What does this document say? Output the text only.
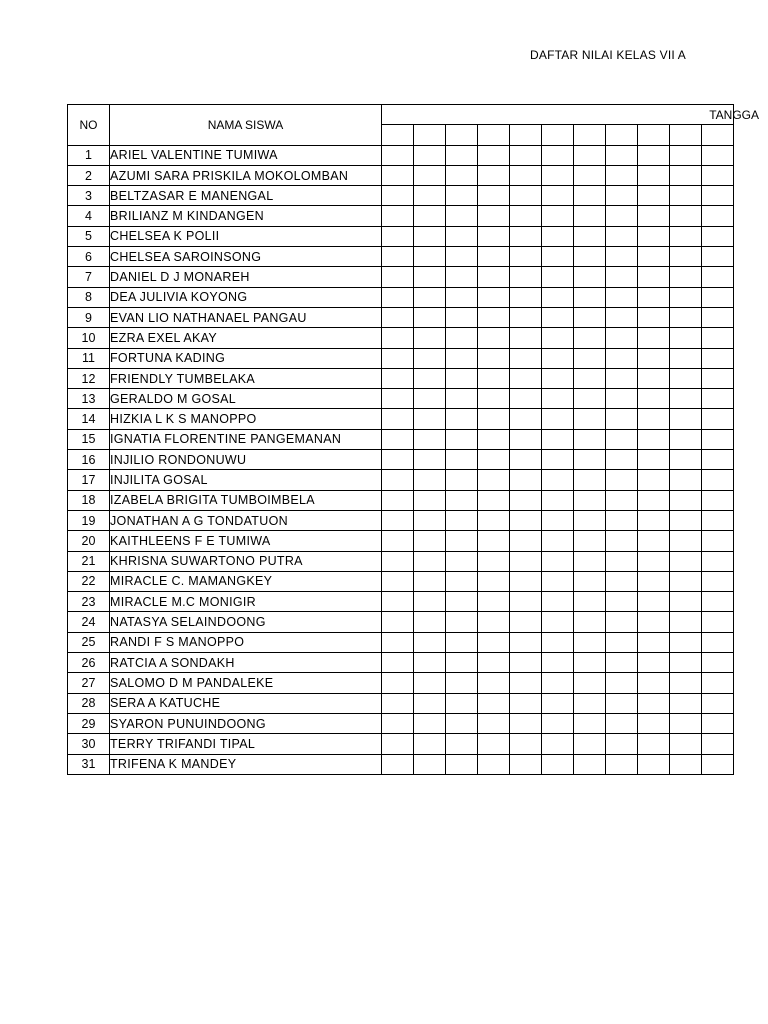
DAFTAR NILAI KELAS VII A
NO	NAMA SISWA	TANGGA										

1	ARIEL VALENTINE TUMIWA											
2	AZUMI SARA PRISKILA MOKOLOMBAN											
3	BELTZASAR E MANENGAL											
4	BRILIANZ M KINDANGEN											
5	CHELSEA K POLII											
6	CHELSEA SAROINSONG											
7	DANIEL D J MONAREH											
8	DEA JULIVIA KOYONG											
9	EVAN LIO NATHANAEL PANGAU											
10	EZRA EXEL AKAY											
11	FORTUNA KADING											
12	FRIENDLY TUMBELAKA											
13	GERALDO M GOSAL											
14	HIZKIA L K S MANOPPO											
15	IGNATIA FLORENTINE PANGEMANAN											
16	INJILIO RONDONUWU											
17	INJILITA GOSAL											
18	IZABELA BRIGITA TUMBOIMBELA											
19	JONATHAN A G TONDATUON											
20	KAITHLEENS F E TUMIWA											
21	KHRISNA SUWARTONO PUTRA											
22	MIRACLE C. MAMANGKEY											
23	MIRACLE M.C MONIGIR											
24	NATASYA SELAINDOONG											
25	RANDI F S MANOPPO											
26	RATCIA A SONDAKH											
27	SALOMO D M PANDALEKE											
28	SERA A KATUCHE											
29	SYARON PUNUINDOONG											
30	TERRY TRIFANDI TIPAL											
31	TRIFENA K MANDEY											
